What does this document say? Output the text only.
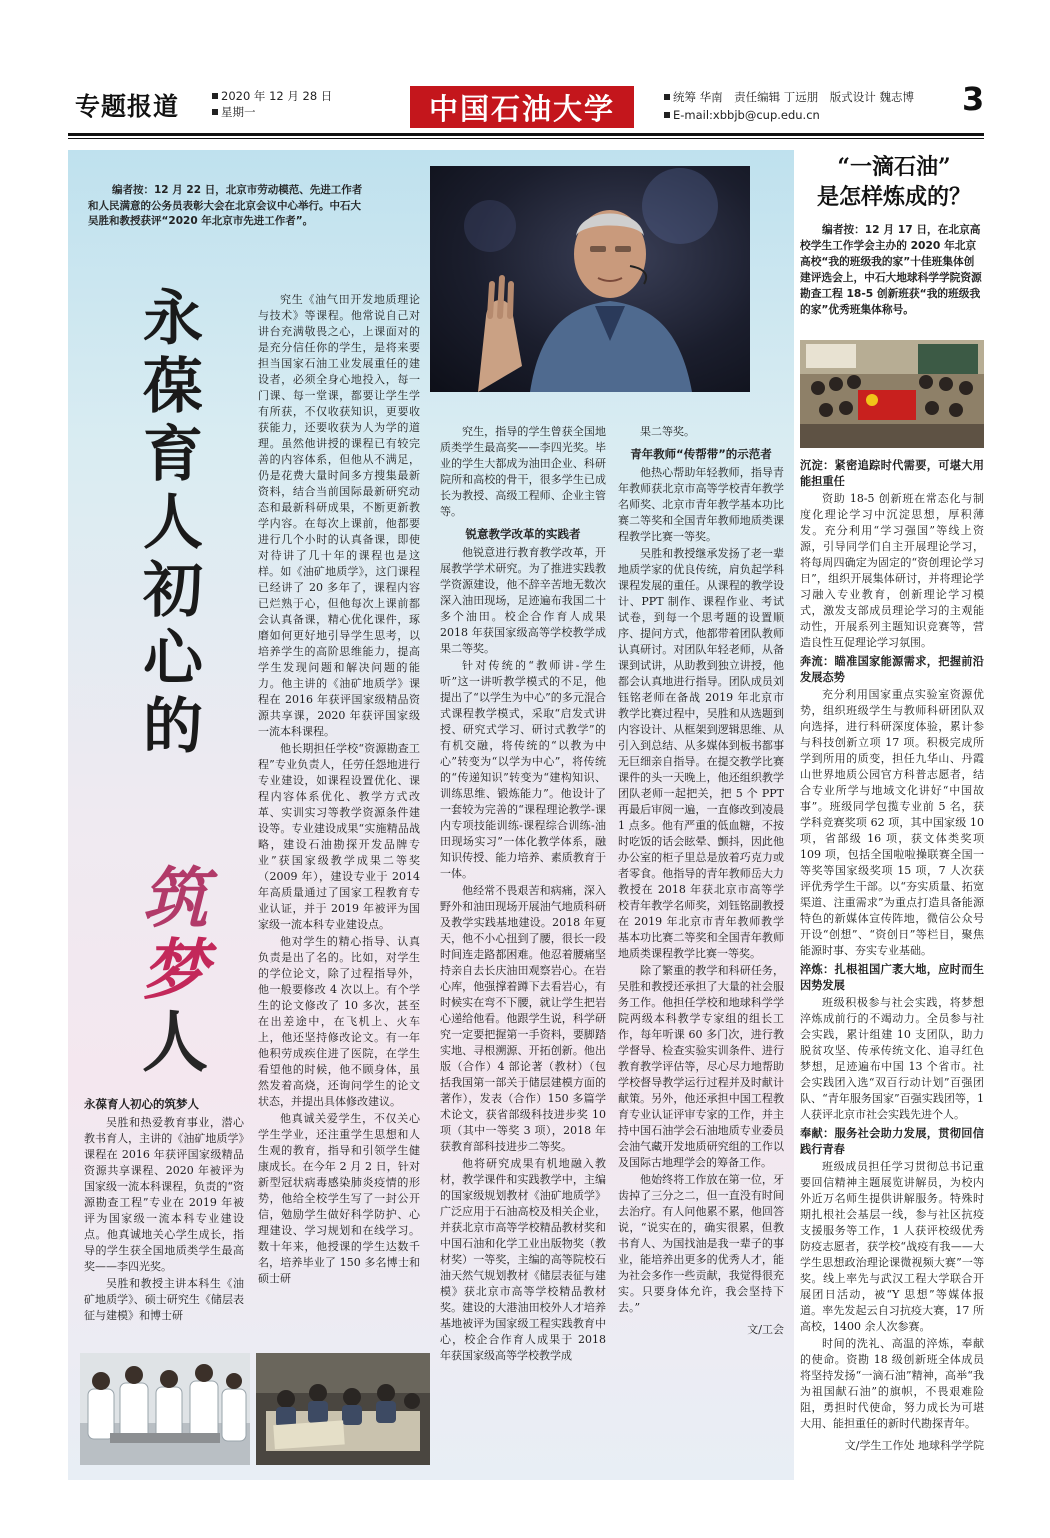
专题报道	2020 年 12 月 28 日
星期一	中国石油大学	统筹 华南　责任编辑 丁远朋　版式设计 魏志博
E-mail:xbbjb@cup.edu.cn	3
编者按：12 月 22 日，北京市劳动模范、先进工作者和人民满意的公务员表彰大会在北京会议中心举行。中石大吴胜和教授获评“2020 年北京市先进工作者”。
永葆育人初心的
筑
梦
人

究生《油气田开发地质理论与技术》等课程。他常说自己对讲台充满敬畏之心，上课面对的是充分信任你的学生，是将来要担当国家石油工业发展重任的建设者，必须全身心地投入，每一门课、每一堂课，都要让学生学有所获，不仅收获知识，更要收获能力，还要收获为人为学的道理。虽然他讲授的课程已有较完善的内容体系，但他从不满足，仍是花费大量时间多方搜集最新资料，结合当前国际最新研究动态和最新科研成果，不断更新教学内容。在每次上课前，他都要进行几个小时的认真备课，即使对待讲了几十年的课程也是这样。如《油矿地质学》，这门课程已经讲了 20 多年了，课程内容已烂熟于心，但他每次上课前都会认真备课，精心优化课件，琢磨如何更好地引导学生思考，以培养学生的高阶思维能力，提高学生发现问题和解决问题的能力。他主讲的《油矿地质学》课程在 2016 年获评国家级精品资源共享课，2020 年获评国家级一流本科课程。

他长期担任学校“资源勘查工程”专业负责人，任劳任怨地进行专业建设，如课程设置优化、课程内容体系优化、教学方式改革、实训实习等教学资源条件建设等。专业建设成果“实施精品战略，建设石油勘探开发品牌专业”获国家级教学成果二等奖（2009 年），建设专业于 2014 年高质量通过了国家工程教育专业认证，并于 2019 年被评为国家级一流本科专业建设点。

他对学生的精心指导、认真负责是出了名的。比如，对学生的学位论文，除了过程指导外，他一般要修改 4 次以上。有个学生的论文修改了 10 多次，甚至在出差途中，在飞机上、火车上，他还坚持修改论文。有一年他积劳成疾住进了医院，在学生看望他的时候，他不顾身体，虽然发着高烧，还询问学生的论文状态，并提出具体修改建议。

他真诚关爱学生，不仅关心学生学业，还注重学生思想和人生观的教育，指导和引领学生健康成长。在今年 2 月 2 日，针对新型冠状病毒感染肺炎疫情的形势，他给全校学生写了一封公开信，勉励学生做好科学防护、心理建设、学习规划和在线学习。数十年来，他授课的学生达数千名，培养毕业了 150 多名博士和硕士研

究生，指导的学生曾获全国地质类学生最高奖——李四光奖。毕业的学生大都成为油田企业、科研院所和高校的骨干，很多学生已成长为教授、高级工程师、企业主管等。

锐意教学改革的实践者

他锐意进行教育教学改革，开展教学学术研究。为了推进实践教学资源建设，他不辞辛苦地无数次深入油田现场，足迹遍布我国二十多个油田。校企合作育人成果 2018 年获国家级高等学校教学成果二等奖。

针对传统的“教师讲-学生听”这一讲听教学模式的不足，他提出了“以学生为中心”的多元混合式课程教学模式，采取“启发式讲授、研究式学习、研讨式教学”的有机交融，将传统的“以教为中心”转变为“以学为中心”，将传统的“传递知识”转变为“建构知识、训练思维、锻炼能力”。他设计了一套较为完善的“课程理论教学-课内专项技能训练-课程综合训练-油田现场实习”一体化教学体系，融知识传授、能力培养、素质教育于一体。

他经常不畏艰苦和病痛，深入野外和油田现场开展油气地质科研及教学实践基地建设。2018 年夏天，他不小心扭到了腰，很长一段时间连走路都困难。他忍着腰痛坚持亲自去长庆油田观察岩心。在岩心库，他强撑着蹲下去看岩心，有时候实在弯不下腰，就让学生把岩心递给他看。他跟学生说，科学研究一定要把握第一手资料，要脚踏实地、寻根溯源、开拓创新。他出版（合作）4 部论著（教材）（包括我国第一部关于储层建模方面的著作），发表（合作）150 多篇学术论文，获省部级科技进步奖 10 项（其中一等奖 3 项），2018 年获教育部科技进步二等奖。

他将研究成果有机地融入教材，教学课件和实践教学中，主编的国家级规划教材《油矿地质学》广泛应用于石油高校及相关企业，并获北京市高等学校精品教材奖和中国石油和化学工业出版物奖（教材奖）一等奖，主编的高等院校石油天然气规划教材《储层表征与建模》获北京市高等学校精品教材奖。建设的大港油田校外人才培养基地被评为国家级工程实践教育中心，校企合作育人成果于 2018 年获国家级高等学校教学成

果二等奖。

青年教师“传帮带”的示范者

他热心帮助年轻教师，指导青年教师获北京市高等学校青年教学名师奖、北京市青年教学基本功比赛二等奖和全国青年教师地质类课程教学比赛一等奖。

吴胜和教授继承发扬了老一辈地质学家的优良传统，肩负起学科课程发展的重任。从课程的教学设计、PPT 制作、课程作业、考试试卷，到每一个思考题的设置顺序、提问方式，他都带着团队教师认真研讨。对团队年轻老师，从备课到试讲，从助教到独立讲授，他都会认真地进行指导。团队成员刘钰铭老师在备战 2019 年北京市教学比赛过程中，吴胜和从选题到内容设计、从框架到逻辑思维、从引入到总结、从多媒体到板书都事无巨细亲自指导。在提交教学比赛课件的头一天晚上，他还组织教学团队老师一起把关，把 5 个 PPT 再最后审阅一遍，一直修改到凌晨 1 点多。他有严重的低血糖，不按时吃饭的话会眩晕、颤抖，因此他办公室的柜子里总是放着巧克力或者零食。他指导的青年教师岳大力教授在 2018 年获北京市高等学校青年教学名师奖，刘钰铭副教授在 2019 年北京市青年教师教学基本功比赛二等奖和全国青年教师地质类课程教学比赛一等奖。

除了繁重的教学和科研任务，吴胜和教授还承担了大量的社会服务工作。他担任学校和地球科学学院两级本科教学专家组的组长工作，每年听课 60 多门次，进行教学督导、检查实验实训条件、进行教育教学评估等，尽心尽力地帮助学校督导教学运行过程并及时献计献策。另外，他还承担中国工程教育专业认证评审专家的工作，并主持中国石油学会石油地质专业委员会油气藏开发地质研究组的工作以及国际古地理学会的筹备工作。

他始终将工作放在第一位，牙齿掉了三分之二，但一直没有时间去治疗。有人问他累不累，他回答说，“说实在的，确实很累，但教书育人、为国找油是我一辈子的事业，能培养出更多的优秀人才，能为社会多作一些贡献，我觉得很充实。只要身体允许，我会坚持下去。”

文/工会

永葆育人初心的筑梦人

吴胜和热爱教育事业，潜心教书育人，主讲的《油矿地质学》课程在 2016 年获评国家级精品资源共享课程、2020 年被评为国家级一流本科课程，负责的“资源勘查工程”专业在 2019 年被评为国家级一流本科专业建设点。他真诚地关心学生成长，指导的学生获全国地质类学生最高奖——李四光奖。

吴胜和教授主讲本科生《油矿地质学》、硕士研究生《储层表征与建模》和博士研

“一滴石油”
是怎样炼成的？
编者按：12 月 17 日，在北京高校学生工作学会主办的 2020 年北京高校“我的班级我的家”十佳班集体创建评选会上，中石大地球科学学院资源勘查工程 18-5 创新班获“我的班级我的家”优秀班集体称号。

沉淀：紧密追踪时代需要，可堪大用能担重任

资助 18-5 创新班在常态化与制度化理论学习中沉淀思想，厚积薄发。充分利用“学习强国”等线上资源，引导同学们自主开展理论学习，将每周四确定为固定的“资创理论学习日”，组织开展集体研讨，并将理论学习融入专业教育，创新理论学习模式，激发支部成员理论学习的主观能动性，开展系列主题知识竞赛等，营造良性互促理论学习氛围。

奔流：瞄准国家能源需求，把握前沿发展态势

充分利用国家重点实验室资源优势，组织班级学生与教师科研团队双向选择，进行科研深度体验，累计参与科技创新立项 17 项。积极完成所学到所用的质变，担任九华山、丹霞山世界地质公园官方科普志愿者，结合专业所学与地域文化讲好“中国故事”。班级同学包揽专业前 5 名，获学科竞赛奖项 62 项，其中国家级 10 项，省部级 16 项，获文体类奖项 109 项，包括全国啦啦操联赛全国一等奖等国家级奖项 15 项，7 人次获评优秀学生干部。以“夯实质量、拓宽渠道、注重需求”为重点打造具备能源特色的新媒体宣传阵地，微信公众号开设“创想”、“资创日”等栏目，聚焦能源时事、夯实专业基础。

淬炼：扎根祖国广袤大地，应时而生因势发展

班级积极参与社会实践，将梦想淬炼成前行的不竭动力。全员参与社会实践，累计组建 10 支团队，助力脱贫攻坚、传承传统文化、追寻红色梦想，足迹遍布中国 13 个省市。社会实践团入选“双百行动计划”百强团队、“青年服务国家”百强实践团等，1 人获评北京市社会实践先进个人。

奉献：服务社会助力发展，贯彻回信践行青春

班级成员担任学习贯彻总书记重要回信精神主题展览讲解员，为校内外近万名师生提供讲解服务。特殊时期扎根社会基层一线，参与社区抗疫支援服务等工作，1 人获评校级优秀防疫志愿者，获学校“战疫有我——大学生思想政治理论课微视频大赛”一等奖。线上率先与武汉工程大学联合开展团日活动，被“Y 思想”等媒体报道。率先发起云自习抗疫大赛，17 所高校，1400 余人次参赛。

时间的洗礼、高温的淬炼，奉献的使命。资勘 18 级创新班全体成员将坚持发扬“一滴石油”精神，高举“我为祖国献石油”的旗帜，不畏艰难险阻，勇担时代使命，努力成长为可堪大用、能担重任的新时代勘探青年。

文/学生工作处 地球科学学院
